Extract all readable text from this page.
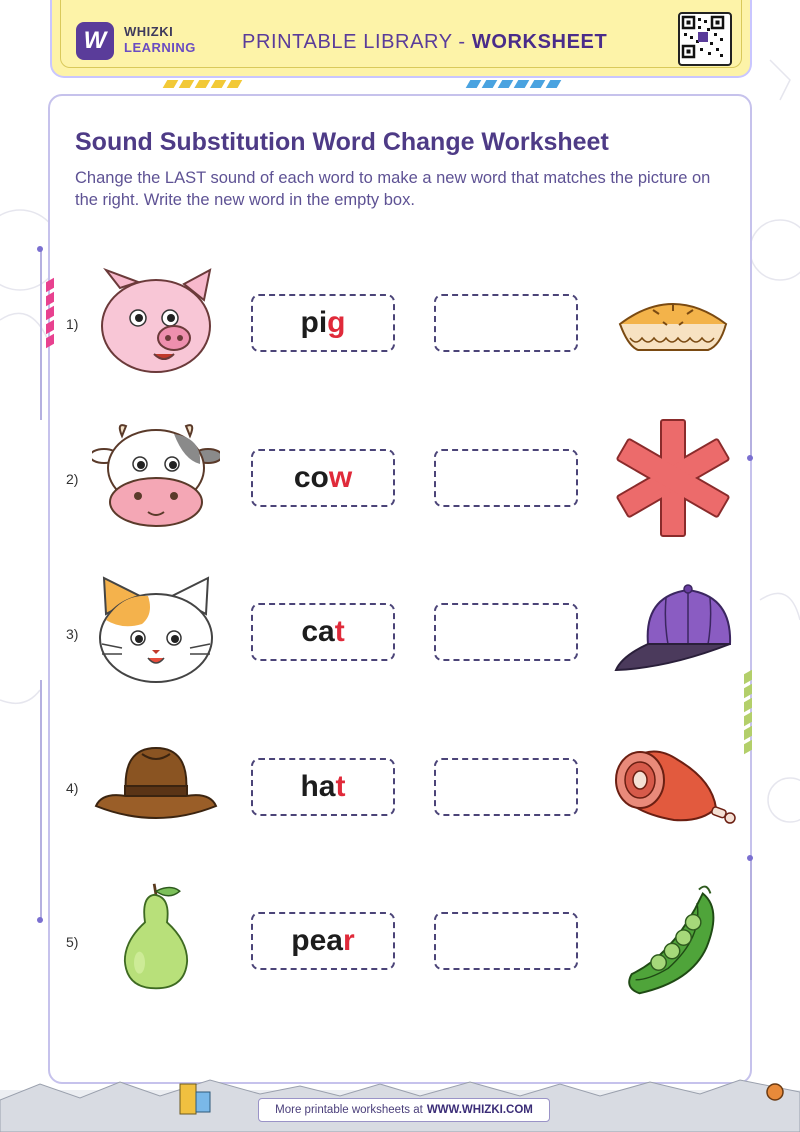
W WHIZKI
LEARNING PRINTABLE LIBRARY - WORKSHEET
Sound Substitution Word Change Worksheet
Change the LAST sound of each word to make a new word that matches the picture on the right. Write the new word in the empty box.
1)	pi g
2)	co w
3)	ca t
4)	ha t
5)	pea r
More printable worksheets at WWW.WHIZKI.COM
